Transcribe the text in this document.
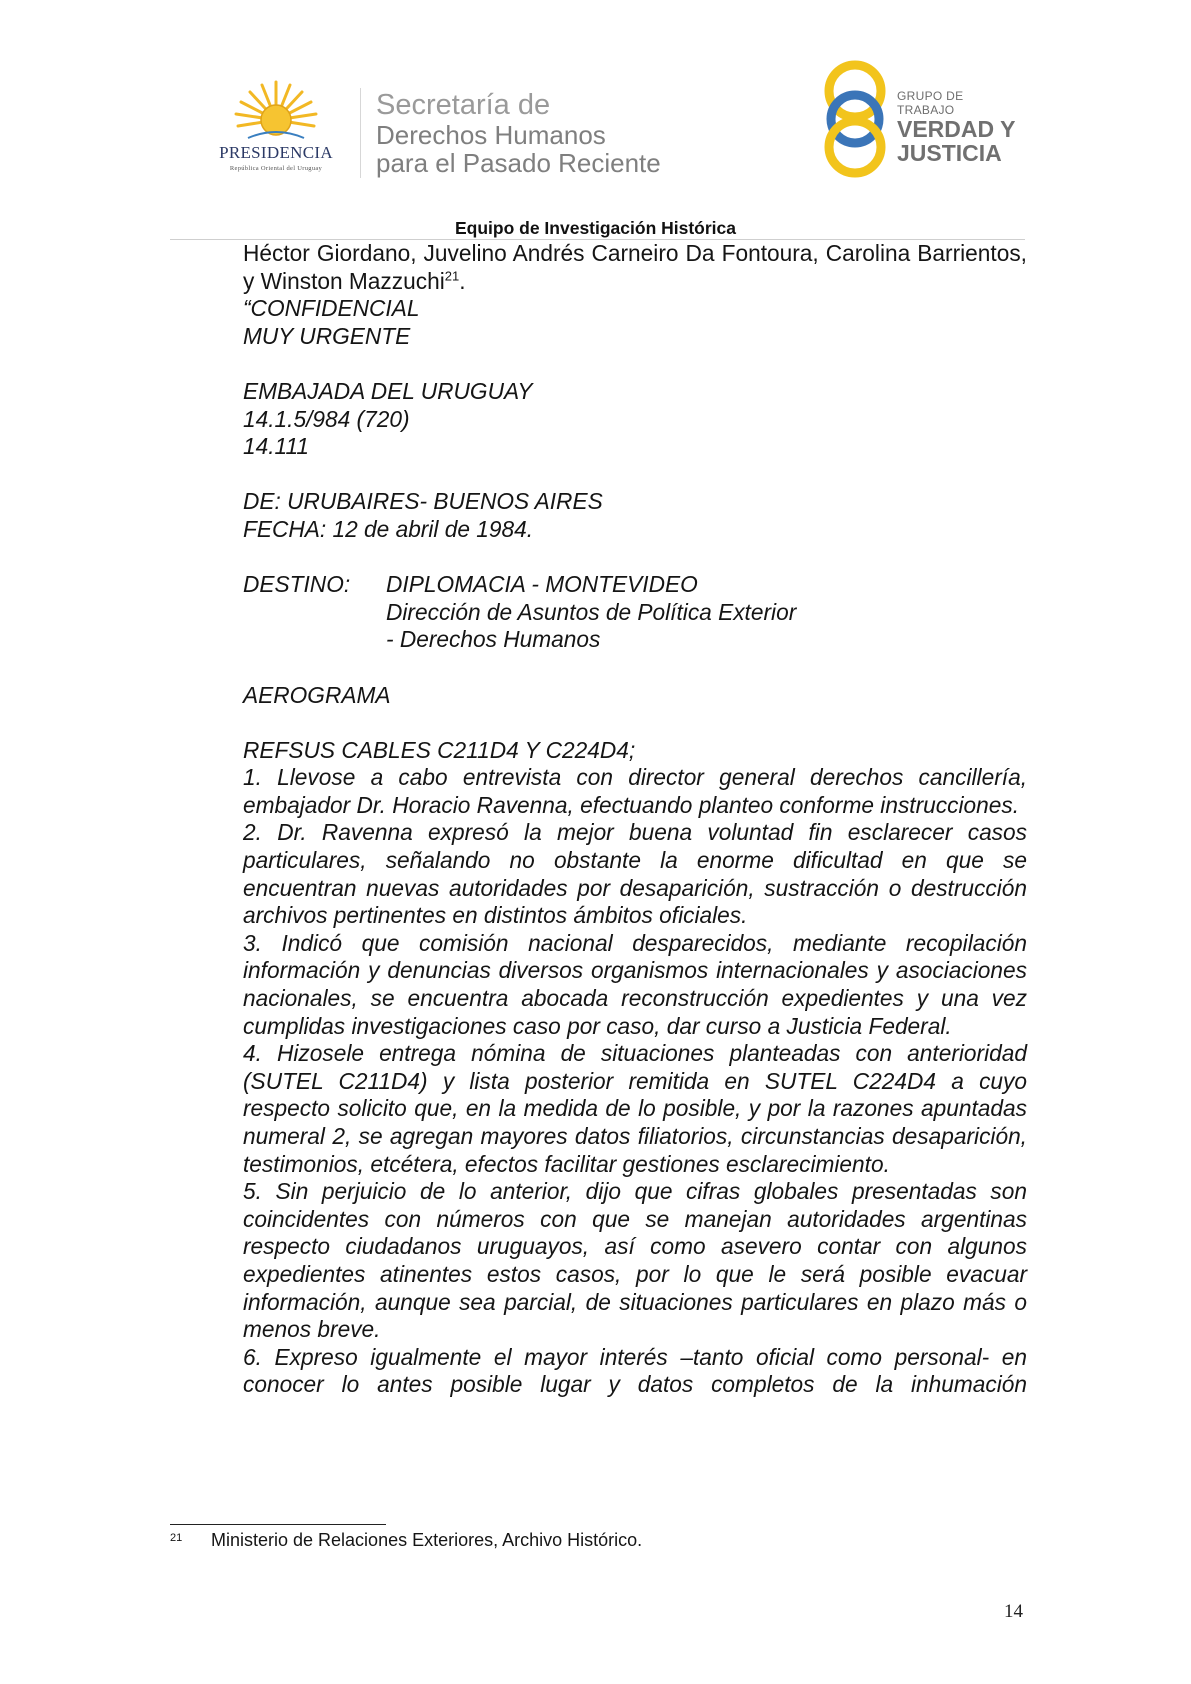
PRESIDENCIA
República Oriental del Uruguay
Secretaría de
Derechos Humanos
para el Pasado Reciente
GRUPO DE TRABAJO
VERDAD Y
JUSTICIA
Equipo de Investigación Histórica

Héctor Giordano, Juvelino Andrés Carneiro Da Fontoura, Carolina Barrientos, y Winston Mazzuchi$^{21}$.

“CONFIDENCIAL

MUY URGENTE

EMBAJADA DEL URUGUAY

14.1.5/984 (720)

14.111

DE: URUBAIRES- BUENOS AIRES

FECHA: 12 de abril de 1984.

DESTINO:	DIPLOMACIA - MONTEVIDEO

Dirección de Asuntos de Política Exterior

- Derechos Humanos

AEROGRAMA

REFSUS CABLES C211D4 Y C224D4;

1. Llevose a cabo entrevista con director general derechos cancillería, embajador Dr. Horacio Ravenna, efectuando planteo conforme instrucciones.

2. Dr. Ravenna expresó la mejor buena voluntad fin esclarecer casos particulares, señalando no obstante la enorme dificultad en que se encuentran nuevas autoridades por desaparición, sustracción o destrucción archivos pertinentes en distintos ámbitos oficiales.

3. Indicó que comisión nacional desparecidos, mediante recopilación información y denuncias diversos organismos internacionales y asociaciones nacionales, se encuentra abocada reconstrucción expedientes y una vez cumplidas investigaciones caso por caso, dar curso a Justicia Federal.

4. Hizosele entrega nómina de situaciones planteadas con anterioridad (SUTEL C211D4) y lista posterior remitida en SUTEL C224D4 a cuyo respecto solicito que, en la medida de lo posible, y por la razones apuntadas numeral 2, se agregan mayores datos filiatorios, circunstancias desaparición, testimonios, etcétera, efectos facilitar gestiones esclarecimiento.

5. Sin perjuicio de lo anterior, dijo que cifras globales presentadas son coincidentes con números con que se manejan autoridades argentinas respecto ciudadanos uruguayos, así como asevero contar con algunos expedientes atinentes estos casos, por lo que le será posible evacuar información, aunque sea parcial, de situaciones particulares en plazo más o menos breve.

6. Expreso igualmente el mayor interés –tanto oficial como personal- en conocer lo antes posible lugar y datos completos de la inhumación

21	Ministerio de Relaciones Exteriores, Archivo Histórico.
14
